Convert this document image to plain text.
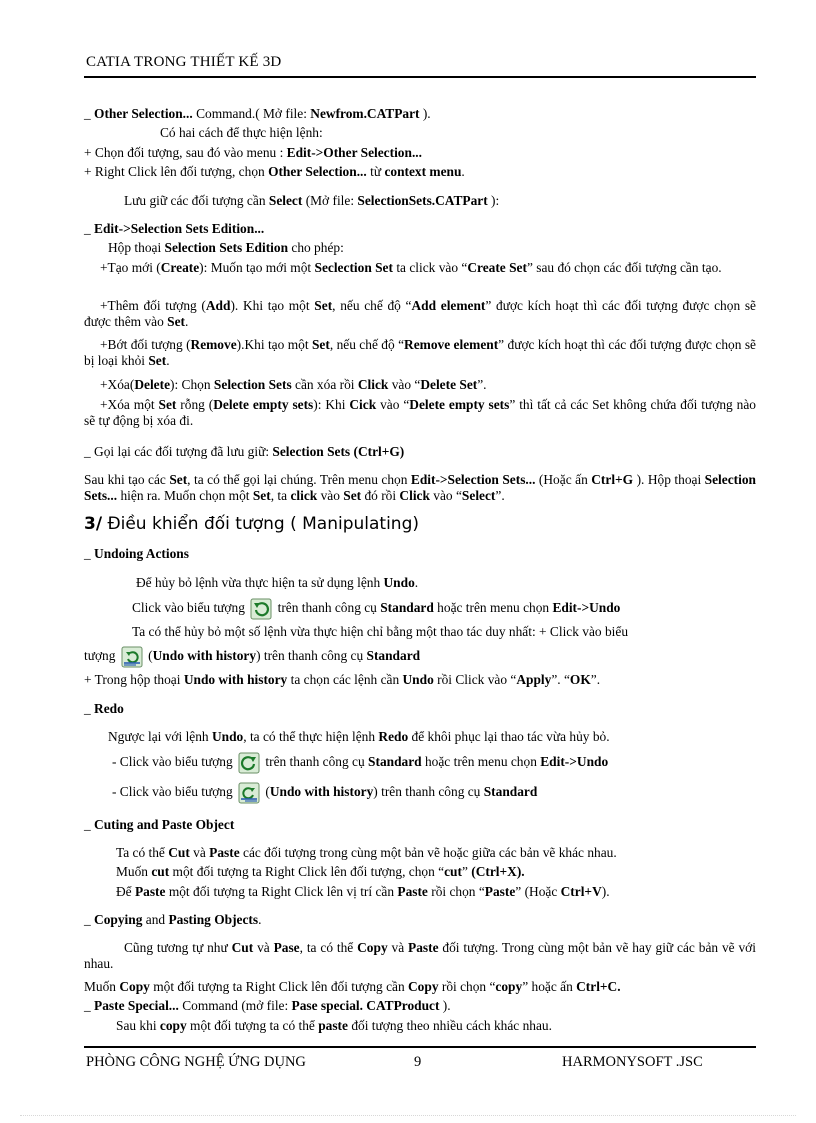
CATIA TRONG THIẾT KẾ 3D
_ Other Selection... Command.( Mở file: Newfrom.CATPart ).
Có hai cách để thực hiện lệnh:
+ Chọn đối tượng, sau đó vào menu : Edit->Other Selection...
+ Right Click lên đối tượng, chọn Other Selection... từ context menu.
Lưu giữ các đối tượng cần Select (Mở file: SelectionSets.CATPart ):
_ Edit->Selection Sets Edition...
Hộp thoại Selection Sets Edition cho phép:
+Tạo mới (Create): Muốn tạo mới một Seclection Set ta click vào “Create Set” sau đó chọn các đối tượng cần tạo.
+Thêm đối tượng (Add). Khi tạo một Set, nếu chế độ “Add element” được kích hoạt thì các đối tượng được chọn sẽ được thêm vào Set.
+Bớt đối tượng (Remove).Khi tạo một Set, nếu chế độ “Remove element” được kích hoạt thì các đối tượng được chọn sẽ bị loại khỏi Set.
+Xóa(Delete): Chọn Selection Sets cần xóa rồi Click vào “Delete Set”.
+Xóa một Set rỗng (Delete empty sets): Khi Cick vào “Delete empty sets” thì tất cả các Set không chứa đối tượng nào sẽ tự động bị xóa đi.
_ Gọi lại các đối tượng đã lưu giữ: Selection Sets (Ctrl+G)
Sau khi tạo các Set, ta có thể gọi lại chúng. Trên menu chọn Edit->Selection Sets... (Hoặc ấn Ctrl+G ). Hộp thoại Selection Sets... hiện ra. Muốn chọn một Set, ta click vào Set đó rồi Click vào “Select”.
3/ Điều khiển đối tượng ( Manipulating)
_ Undoing Actions
Để hủy bỏ lệnh vừa thực hiện ta sử dụng lệnh Undo.
Click vào biểu tượng  trên thanh công cụ Standard hoặc trên menu chọn Edit->Undo
Ta có thể hủy bỏ một số lệnh vừa thực hiện chỉ bằng một thao tác duy nhất: + Click vào biểu
tượng  (Undo with history) trên thanh công cụ Standard
+ Trong hộp thoại Undo with history ta chọn các lệnh cần Undo rồi Click vào “Apply”. “OK”.
_ Redo
Ngược lại với lệnh Undo, ta có thể thực hiện lệnh Redo để khôi phục lại thao tác vừa hủy bỏ.
- Click vào biểu tượng  trên thanh công cụ Standard hoặc trên menu chọn Edit->Undo
- Click vào biểu tượng  (Undo with history) trên thanh công cụ Standard
_ Cuting and Paste Object
Ta có thể Cut và Paste các đối tượng trong cùng một bản vẽ hoặc giữa các bản vẽ khác nhau.
Muốn cut một đối tượng ta Right Click lên đối tượng, chọn “cut” (Ctrl+X).
Để Paste một đối tượng ta Right Click lên vị trí cần Paste rồi chọn “Paste” (Hoặc Ctrl+V).
_ Copying and Pasting Objects.
Cũng tương tự như Cut và Pase, ta có thể Copy và Paste đối tượng. Trong cùng một bản vẽ hay giữ các bản vẽ với nhau.
Muốn Copy một đối tượng ta Right Click lên đối tượng cần Copy rồi chọn “copy” hoặc ấn Ctrl+C.
_ Paste Special... Command (mở file: Pase special. CATProduct ).
Sau khi copy một đối tượng ta có thể paste đối tượng theo nhiều cách khác nhau.
PHÒNG CÔNG NGHỆ ỨNG DỤNG	9	HARMONYSOFT .JSC
